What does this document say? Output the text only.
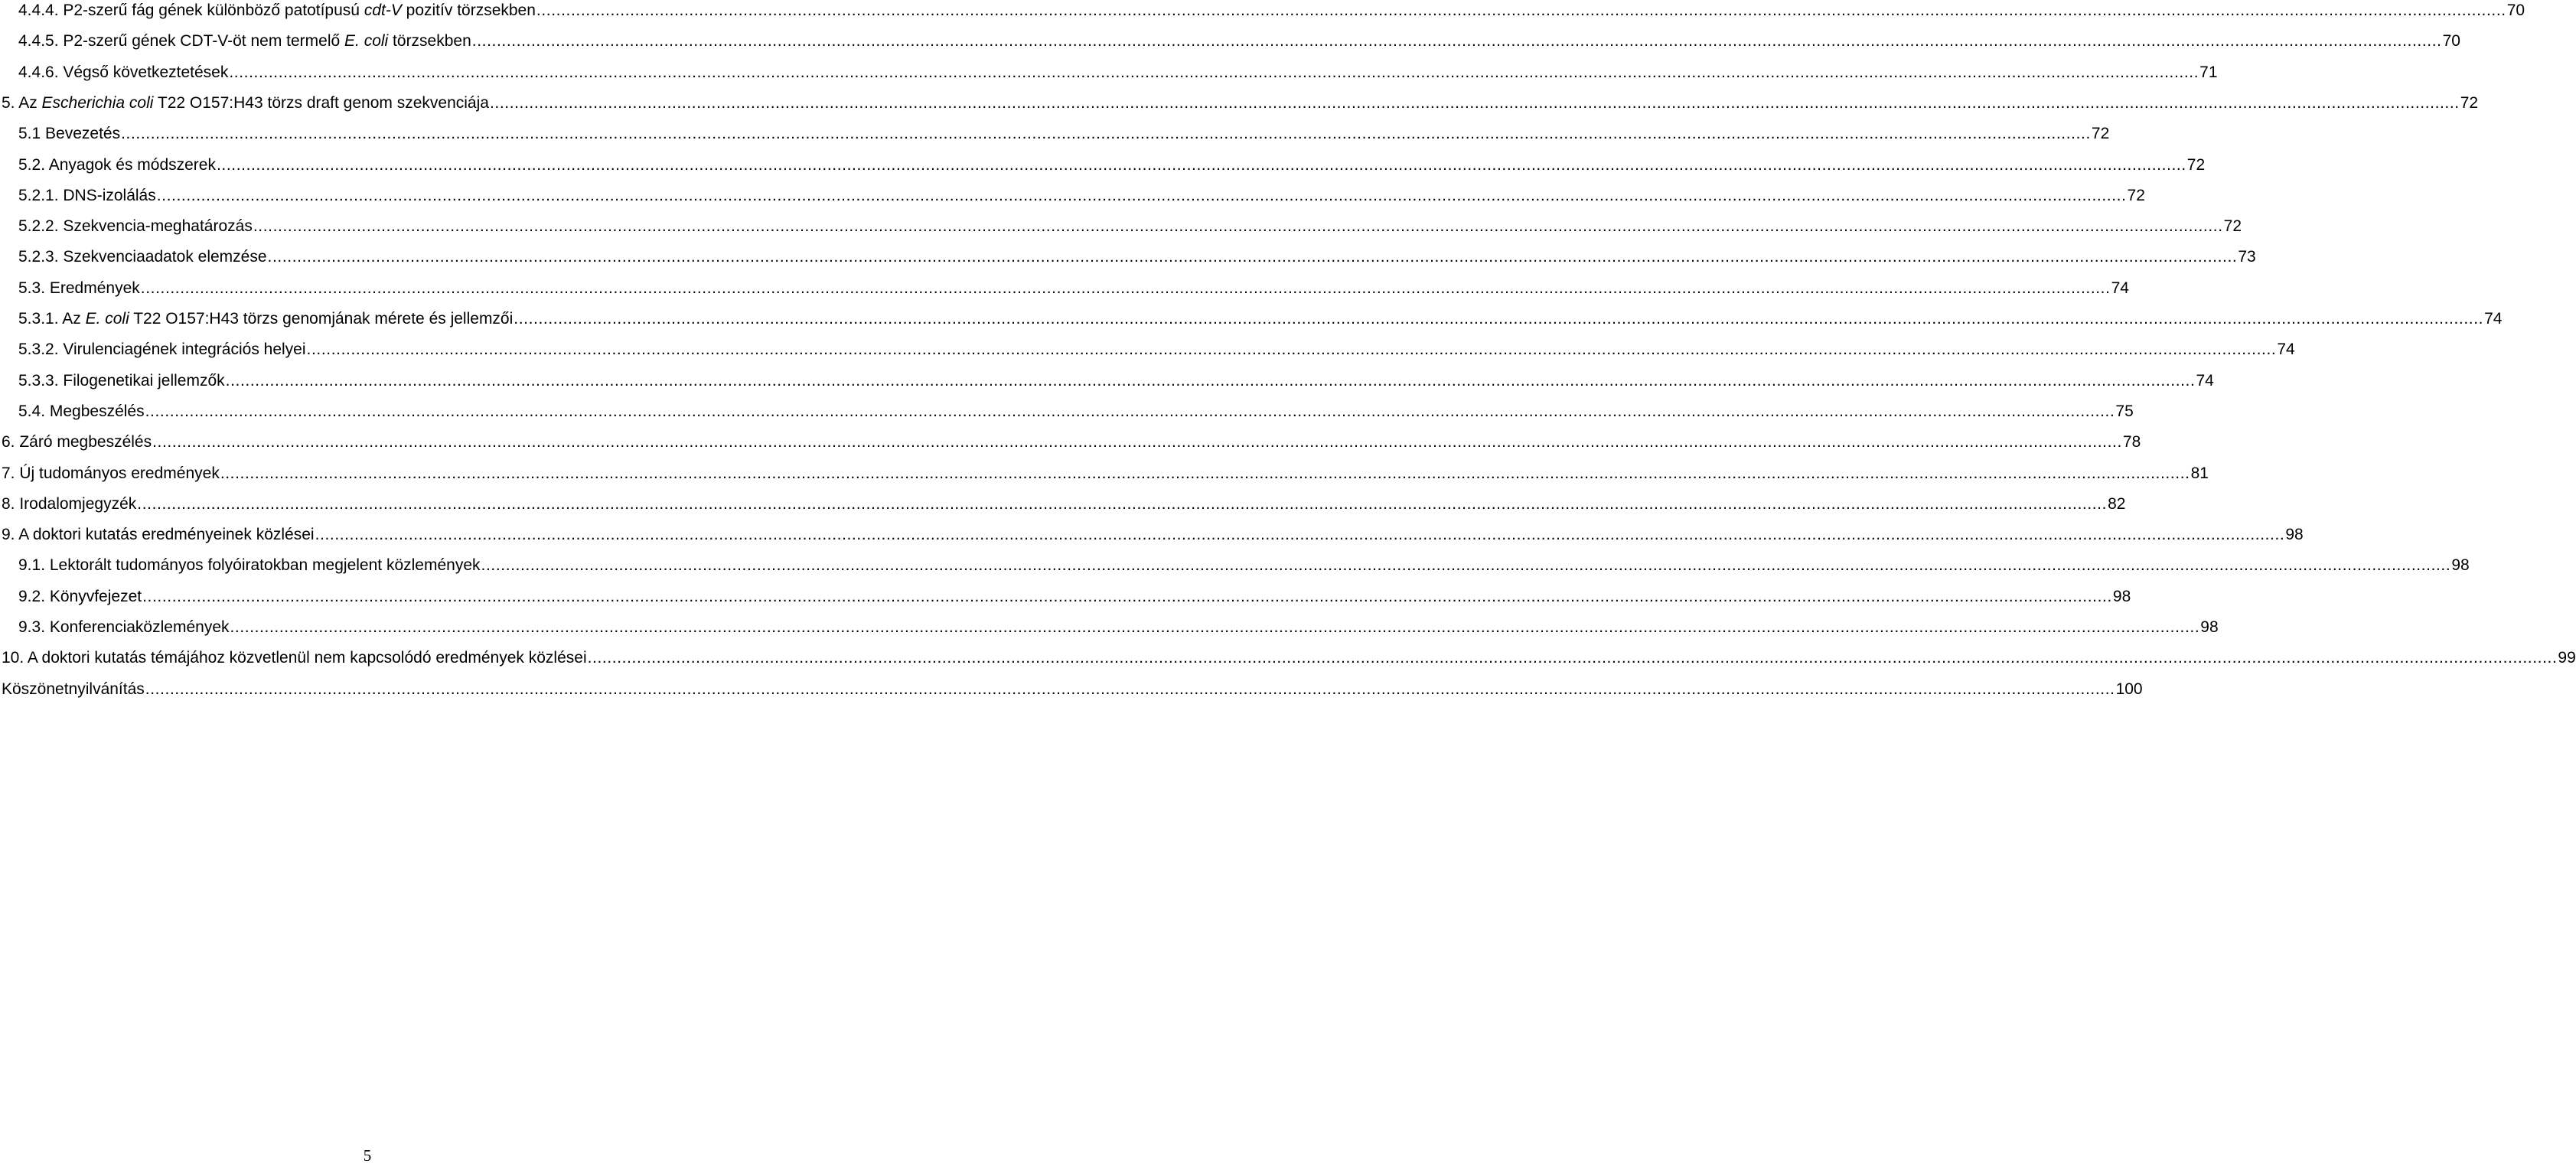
4.4.4. P2-szerű fág gének különböző patotípusú cdt-V pozitív törzsekben ................................................................................................................................................................................................................................................................................................................................................................................................................ 70
4.4.5. P2-szerű gének CDT-V-öt nem termelő E. coli törzsekben ................................................................................................................................................................................................................................................................................................................................................................................................................ 70
4.4.6. Végső következtetések ................................................................................................................................................................................................................................................................................................................................................................................................................ 71
5. Az Escherichia coli T22 O157:H43 törzs draft genom szekvenciája ................................................................................................................................................................................................................................................................................................................................................................................................................ 72
5.1 Bevezetés ................................................................................................................................................................................................................................................................................................................................................................................................................ 72
5.2. Anyagok és módszerek ................................................................................................................................................................................................................................................................................................................................................................................................................ 72
5.2.1. DNS-izolálás ................................................................................................................................................................................................................................................................................................................................................................................................................ 72
5.2.2. Szekvencia-meghatározás ................................................................................................................................................................................................................................................................................................................................................................................................................ 72
5.2.3. Szekvenciaadatok elemzése ................................................................................................................................................................................................................................................................................................................................................................................................................ 73
5.3. Eredmények ................................................................................................................................................................................................................................................................................................................................................................................................................ 74
5.3.1. Az E. coli T22 O157:H43 törzs genomjának mérete és jellemzői ................................................................................................................................................................................................................................................................................................................................................................................................................ 74
5.3.2. Virulenciagének integrációs helyei ................................................................................................................................................................................................................................................................................................................................................................................................................ 74
5.3.3. Filogenetikai jellemzők ................................................................................................................................................................................................................................................................................................................................................................................................................ 74
5.4. Megbeszélés ................................................................................................................................................................................................................................................................................................................................................................................................................ 75
6. Záró megbeszélés ................................................................................................................................................................................................................................................................................................................................................................................................................ 78
7. Új tudományos eredmények ................................................................................................................................................................................................................................................................................................................................................................................................................ 81
8. Irodalomjegyzék ................................................................................................................................................................................................................................................................................................................................................................................................................ 82
9. A doktori kutatás eredményeinek közlései ................................................................................................................................................................................................................................................................................................................................................................................................................ 98
9.1. Lektorált tudományos folyóiratokban megjelent közlemények ................................................................................................................................................................................................................................................................................................................................................................................................................ 98
9.2. Könyvfejezet ................................................................................................................................................................................................................................................................................................................................................................................................................ 98
9.3. Konferenciaközlemények ................................................................................................................................................................................................................................................................................................................................................................................................................ 98
10. A doktori kutatás témájához közvetlenül nem kapcsolódó eredmények közlései ................................................................................................................................................................................................................................................................................................................................................................................................................ 99
Köszönetnyilvánítás ................................................................................................................................................................................................................................................................................................................................................................................................................ 100
5
